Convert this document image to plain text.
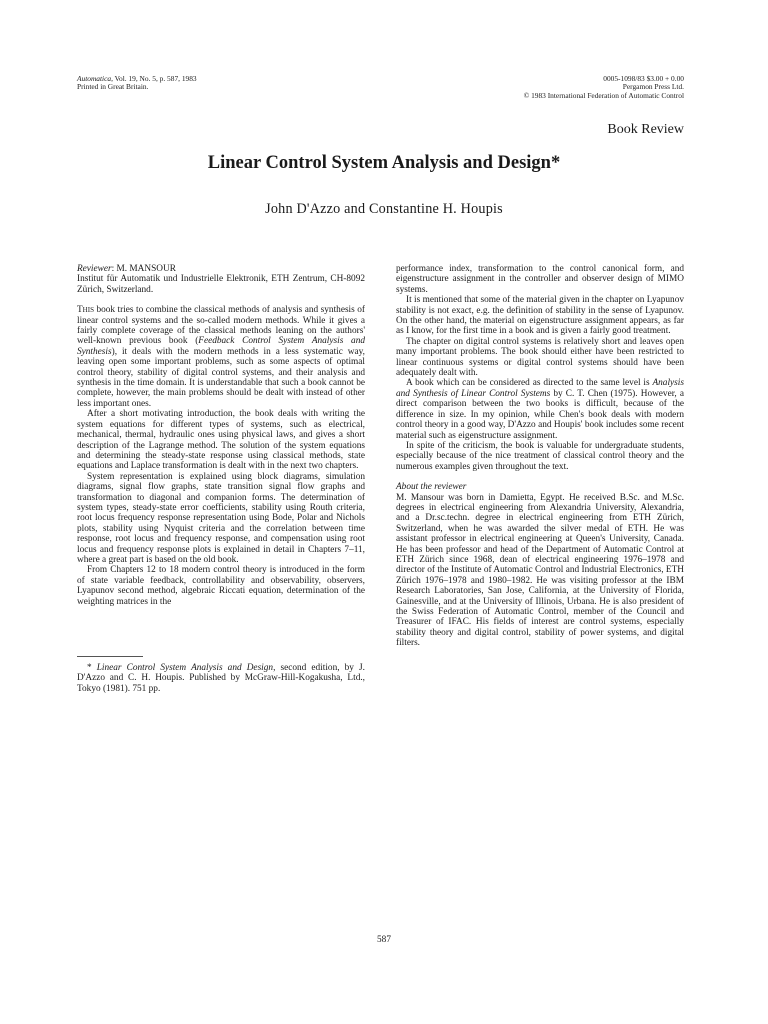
Automatica, Vol. 19, No. 5, p. 587, 1983
Printed in Great Britain.
0005-1098/83 $3.00 + 0.00
Pergamon Press Ltd.
© 1983 International Federation of Automatic Control
Book Review
Linear Control System Analysis and Design*
John D'Azzo and Constantine H. Houpis
Reviewer: M. MANSOUR
Institut für Automatik und Industrielle Elektronik, ETH Zentrum, CH-8092 Zürich, Switzerland.

This book tries to combine the classical methods of analysis and synthesis of linear control systems and the so-called modern methods. While it gives a fairly complete coverage of the classical methods leaning on the authors' well-known previous book (Feedback Control System Analysis and Synthesis), it deals with the modern methods in a less systematic way, leaving open some important problems, such as some aspects of optimal control theory, stability of digital control systems, and their analysis and synthesis in the time domain. It is understandable that such a book cannot be complete, however, the main problems should be dealt with instead of other less important ones.

After a short motivating introduction, the book deals with writing the system equations for different types of systems, such as electrical, mechanical, thermal, hydraulic ones using physical laws, and gives a short description of the Lagrange method. The solution of the system equations and determining the steady-state response using classical methods, state equations and Laplace transformation is dealt with in the next two chapters.

System representation is explained using block diagrams, simulation diagrams, signal flow graphs, state transition signal flow graphs and transformation to diagonal and companion forms. The determination of system types, steady-state error coefficients, stability using Routh criteria, root locus frequency response representation using Bode, Polar and Nichols plots, stability using Nyquist criteria and the correlation between time response, root locus and frequency response, and compensation using root locus and frequency response plots is explained in detail in Chapters 7–11, where a great part is based on the old book.

From Chapters 12 to 18 modern control theory is introduced in the form of state variable feedback, controllability and observability, observers, Lyapunov second method, algebraic Riccati equation, determination of the weighting matrices in the

performance index, transformation to the control canonical form, and eigenstructure assignment in the controller and observer design of MIMO systems.

It is mentioned that some of the material given in the chapter on Lyapunov stability is not exact, e.g. the definition of stability in the sense of Lyapunov. On the other hand, the material on eigenstructure assignment appears, as far as I know, for the first time in a book and is given a fairly good treatment.

The chapter on digital control systems is relatively short and leaves open many important problems. The book should either have been restricted to linear continuous systems or digital control systems should have been adequately dealt with.

A book which can be considered as directed to the same level is Analysis and Synthesis of Linear Control Systems by C. T. Chen (1975). However, a direct comparison between the two books is difficult, because of the difference in size. In my opinion, while Chen's book deals with modern control theory in a good way, D'Azzo and Houpis' book includes some recent material such as eigenstructure assignment.

In spite of the criticism, the book is valuable for undergraduate students, especially because of the nice treatment of classical control theory and the numerous examples given throughout the text.

About the reviewer

M. Mansour was born in Damietta, Egypt. He received B.Sc. and M.Sc. degrees in electrical engineering from Alexandria University, Alexandria, and a Dr.sc.techn. degree in electrical engineering from ETH Zürich, Switzerland, when he was awarded the silver medal of ETH. He was assistant professor in electrical engineering at Queen's University, Canada. He has been professor and head of the Department of Automatic Control at ETH Zürich since 1968, dean of electrical engineering 1976–1978 and director of the Institute of Automatic Control and Industrial Electronics, ETH Zürich 1976–1978 and 1980–1982. He was visiting professor at the IBM Research Laboratories, San Jose, California, at the University of Florida, Gainesville, and at the University of Illinois, Urbana. He is also president of the Swiss Federation of Automatic Control, member of the Council and Treasurer of IFAC. His fields of interest are control systems, especially stability theory and digital control, stability of power systems, and digital filters.

* Linear Control System Analysis and Design, second edition, by J. D'Azzo and C. H. Houpis. Published by McGraw-Hill-Kogakusha, Ltd., Tokyo (1981). 751 pp.

587
